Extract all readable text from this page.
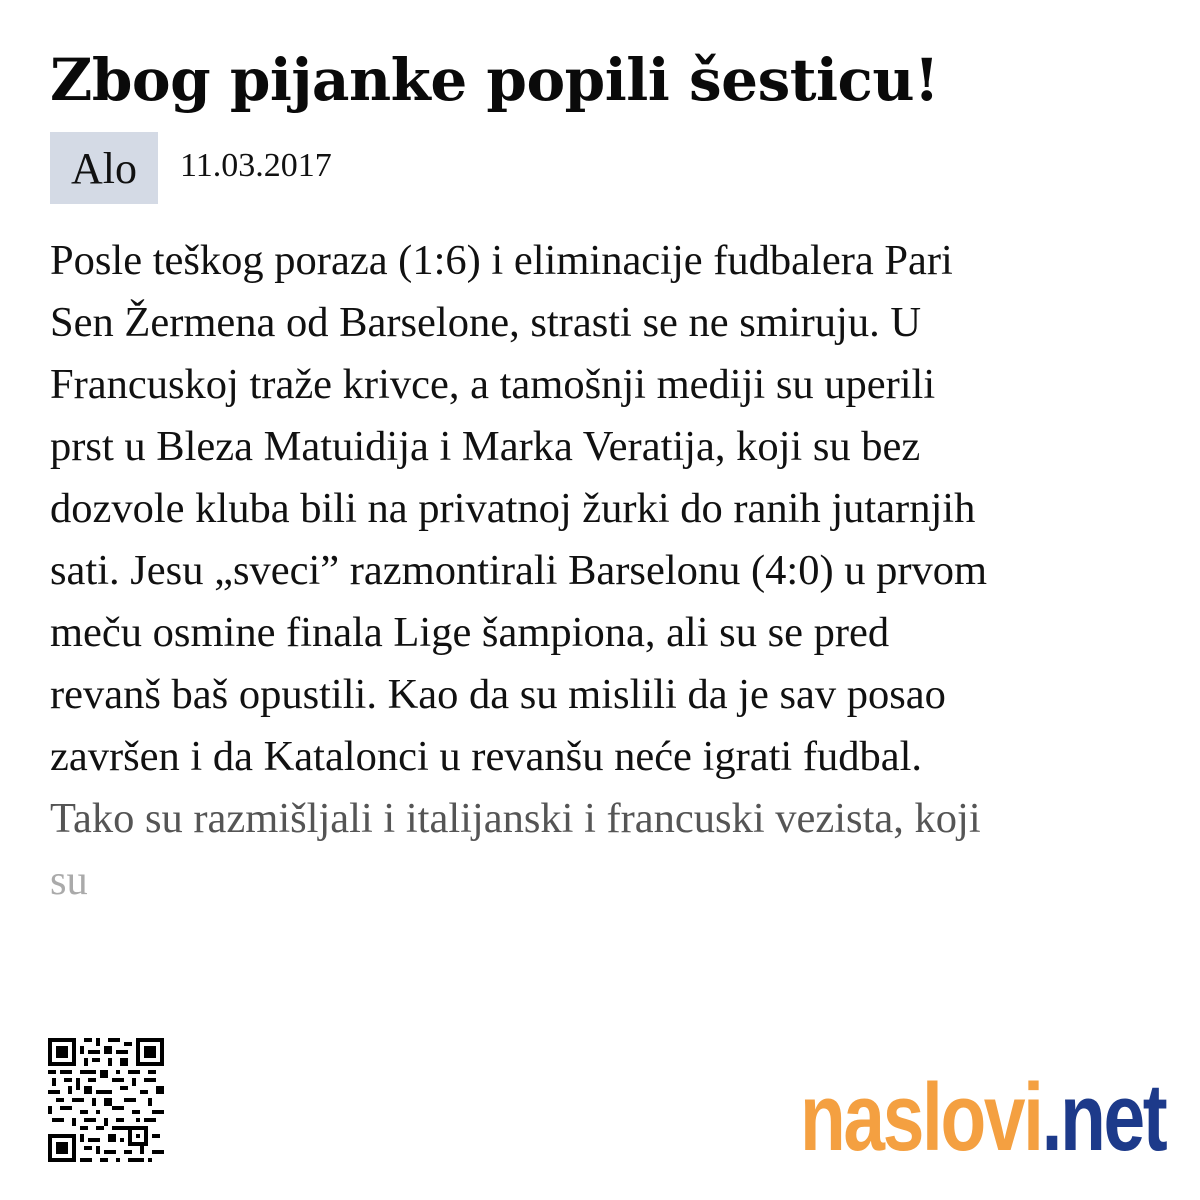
Zbog pijanke popili šesticu!
Alo	11.03.2017
Posle teškog poraza (1:6) i eliminacije fudbalera Pari
Sen Žermena od Barselone, strasti se ne smiruju. U
Francuskoj traže krivce, a tamošnji mediji su uperili
prst u Bleza Matuidija i Marka Veratija, koji su bez
dozvole kluba bili na privatnoj žurki do ranih jutarnjih
sati. Jesu „sveci” razmontirali Barselonu (4:0) u prvom
meču osmine finala Lige šampiona, ali su se pred
revanš baš opustili. Kao da su mislili da je sav posao
završen i da Katalonci u revanšu neće igrati fudbal.
Tako su razmišljali i italijanski i francuski vezista, koji
su
naslovi . net
